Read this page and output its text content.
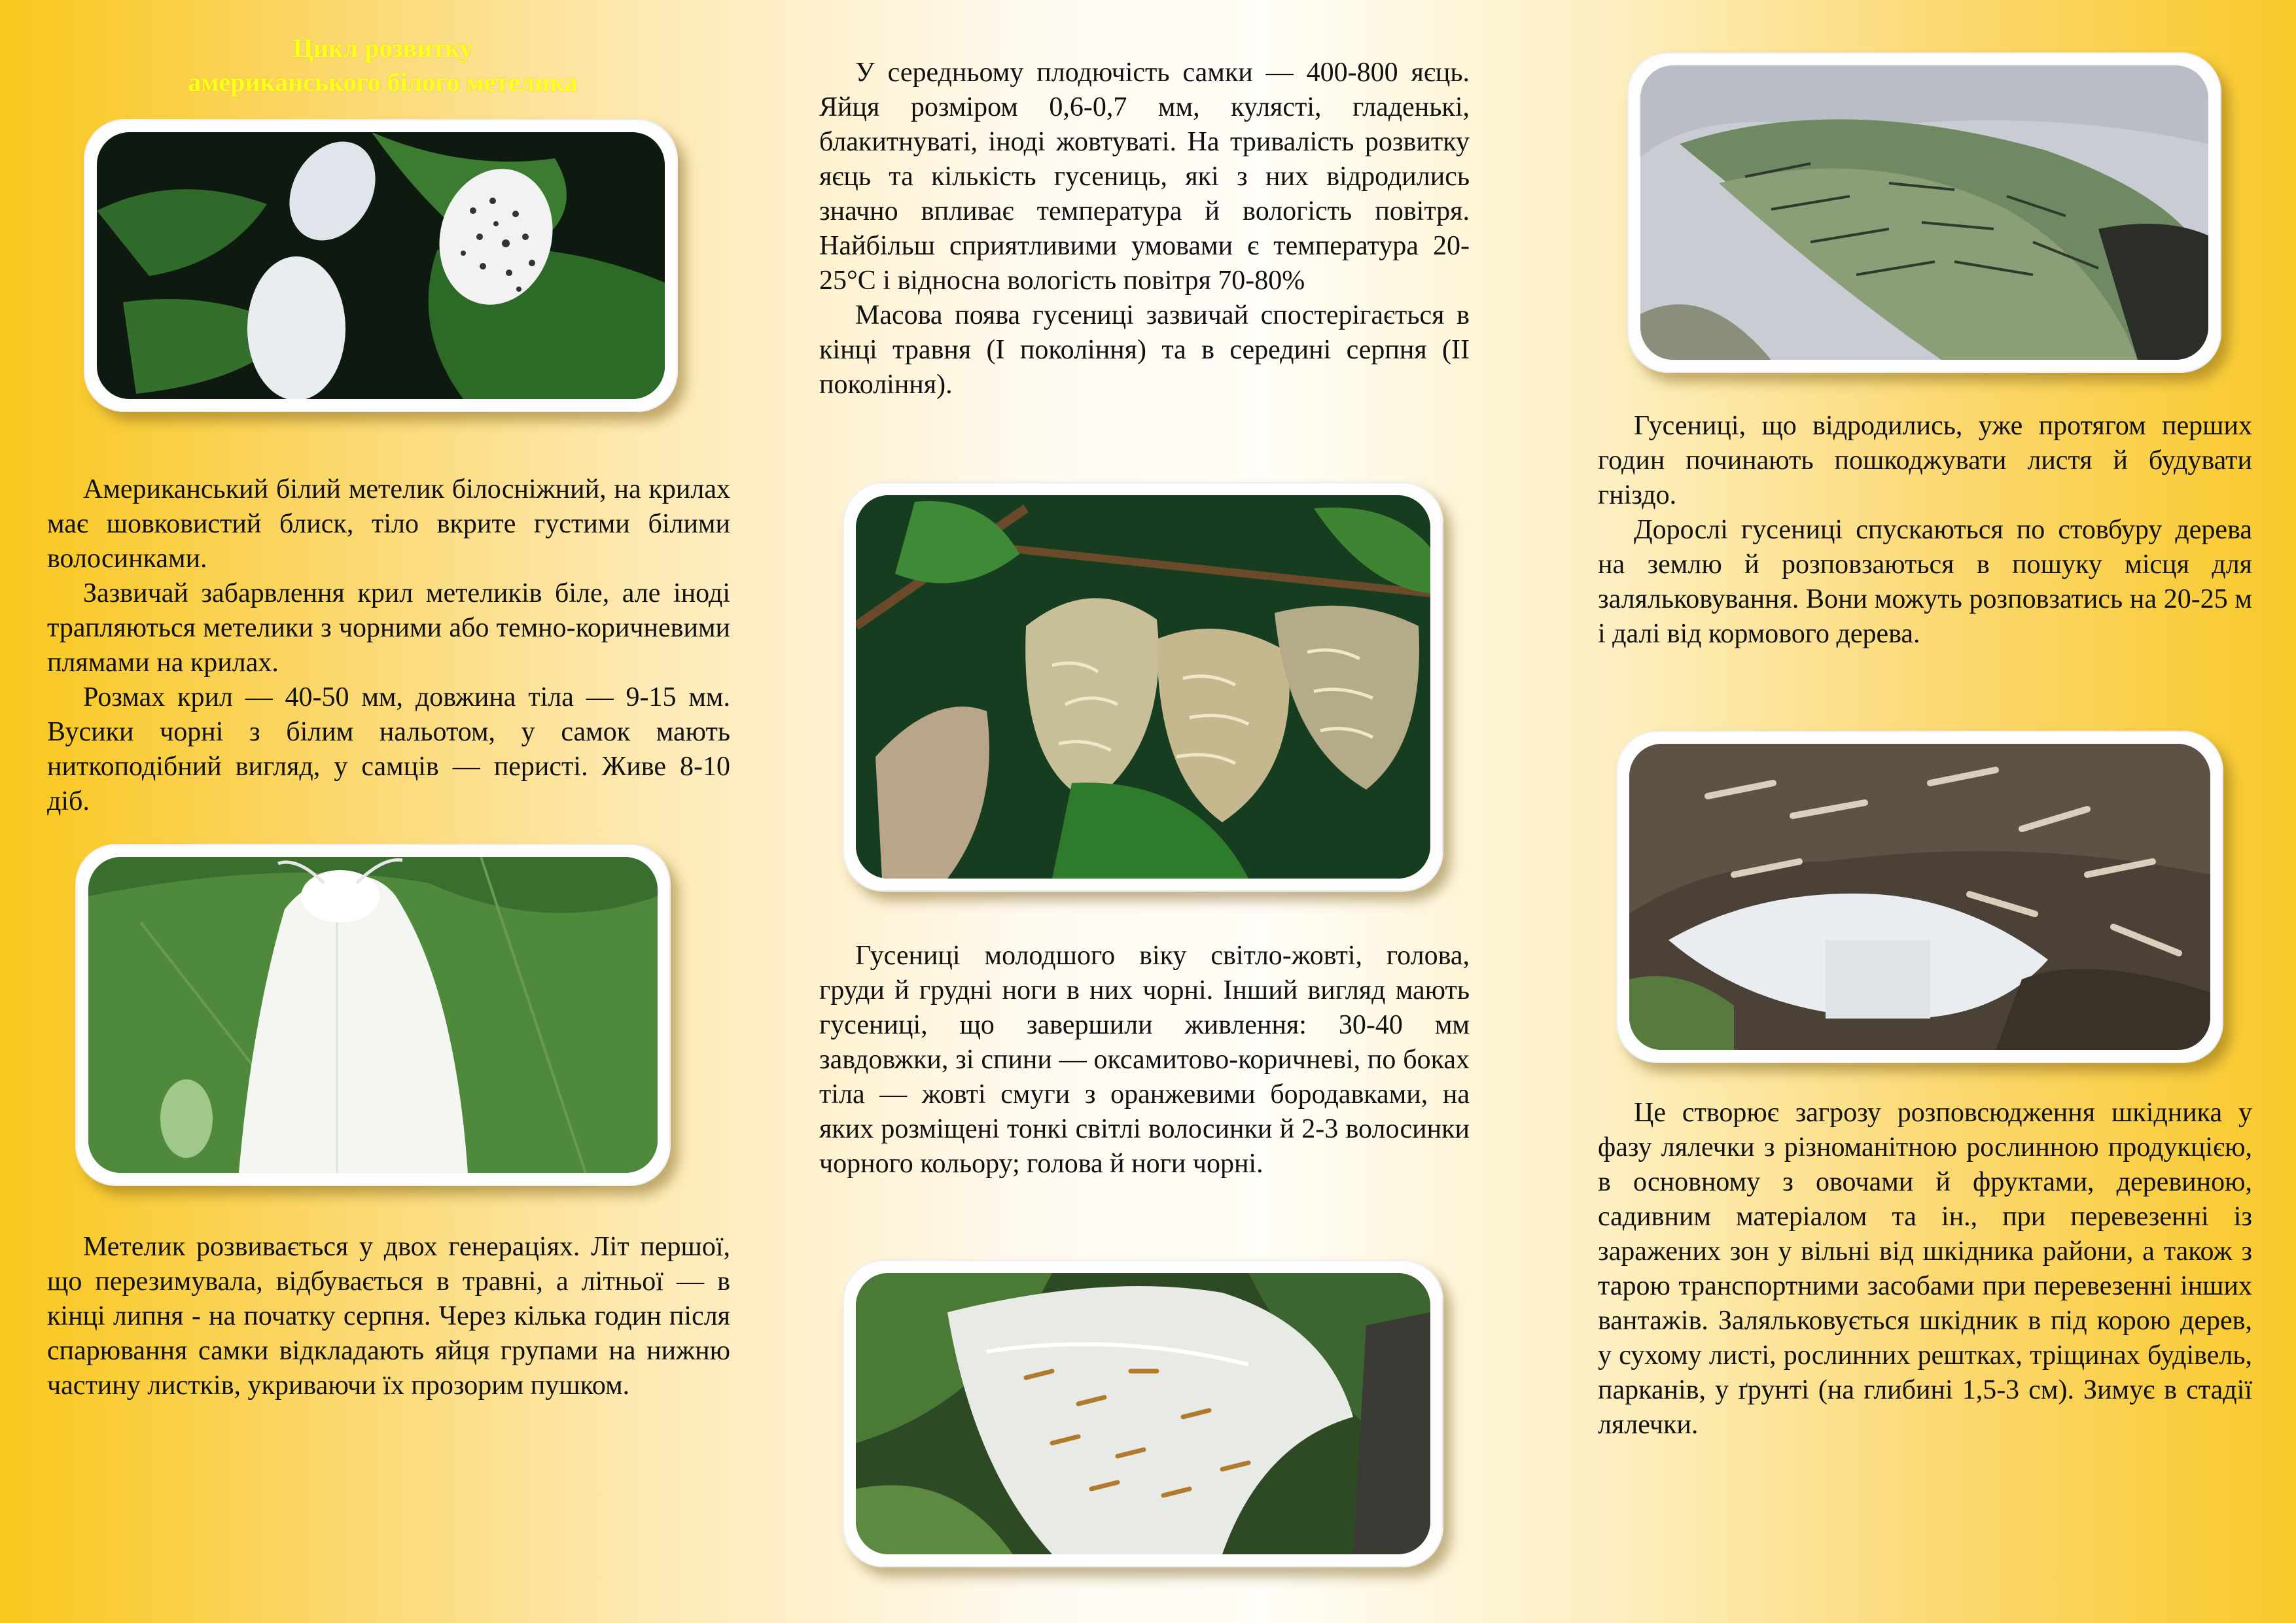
Цикл розвитку
американського білого метелика

Американський білий метелик білосніжний, на крилах має шовковистий блиск, тіло вкрите густими білими волосинками.

Зазвичай забарвлення крил метеликів біле, але іноді трапляються метелики з чорними або темно-коричневими плямами на крилах.

Розмах крил — 40-50 мм, довжина тіла — 9-15 мм. Вусики чорні з білим нальотом, у самок мають ниткоподібний вигляд, у самців — перисті. Живе 8-10 діб.

Метелик розвивається у двох генераціях. Літ першої, що перезимувала, відбувається в травні, а літньої — в кінці липня - на початку серпня. Через кілька годин після спарювання самки відкладають яйця групами на нижню частину листків, укриваючи їх прозорим пушком.

У середньому плодючість самки — 400-800 яєць. Яйця розміром 0,6-0,7 мм, кулясті, гладенькі, блакитнуваті, іноді жовтуваті. На тривалість розвитку яєць та кількість гусениць, які з них відродились значно впливає температура й вологість повітря. Найбільш сприятливими умовами є температура 20-25°С і відносна вологість повітря 70-80%

Масова поява гусениці зазвичай спостерігається в кінці травня (I покоління) та в середині серпня (II покоління).

Гусениці молодшого віку світло-жовті, голова, груди й грудні ноги в них чорні. Інший вигляд мають гусениці, що завершили живлення: 30-40 мм завдовжки, зі спини — оксамитово-коричневі, по боках тіла — жовті смуги з оранжевими бородавками, на яких розміщені тонкі світлі волосинки й 2-3 волосинки чорного кольору; голова й ноги чорні.

Гусениці, що відродились, уже протягом перших годин починають пошкоджувати листя й будувати гніздо.

Дорослі гусениці спускаються по стовбуру дерева на землю й розповзаються в пошуку місця для заляльковування. Вони можуть розповзатись на 20-25 м і далі від кормового дерева.

Це створює загрозу розповсюдження шкідника у фазу лялечки з різноманітною рослинною продукцією, в основному з овочами й фруктами, деревиною, садивним матеріалом та ін., при перевезенні із заражених зон у вільні від шкідника райони, а також з тарою транспортними засобами при перевезенні інших вантажів. Заляльковується шкідник в під корою дерев, у сухому листі, рослинних рештках, тріщинах будівель, парканів, у ґрунті (на глибині 1,5-3 см). Зимує в стадії лялечки.
